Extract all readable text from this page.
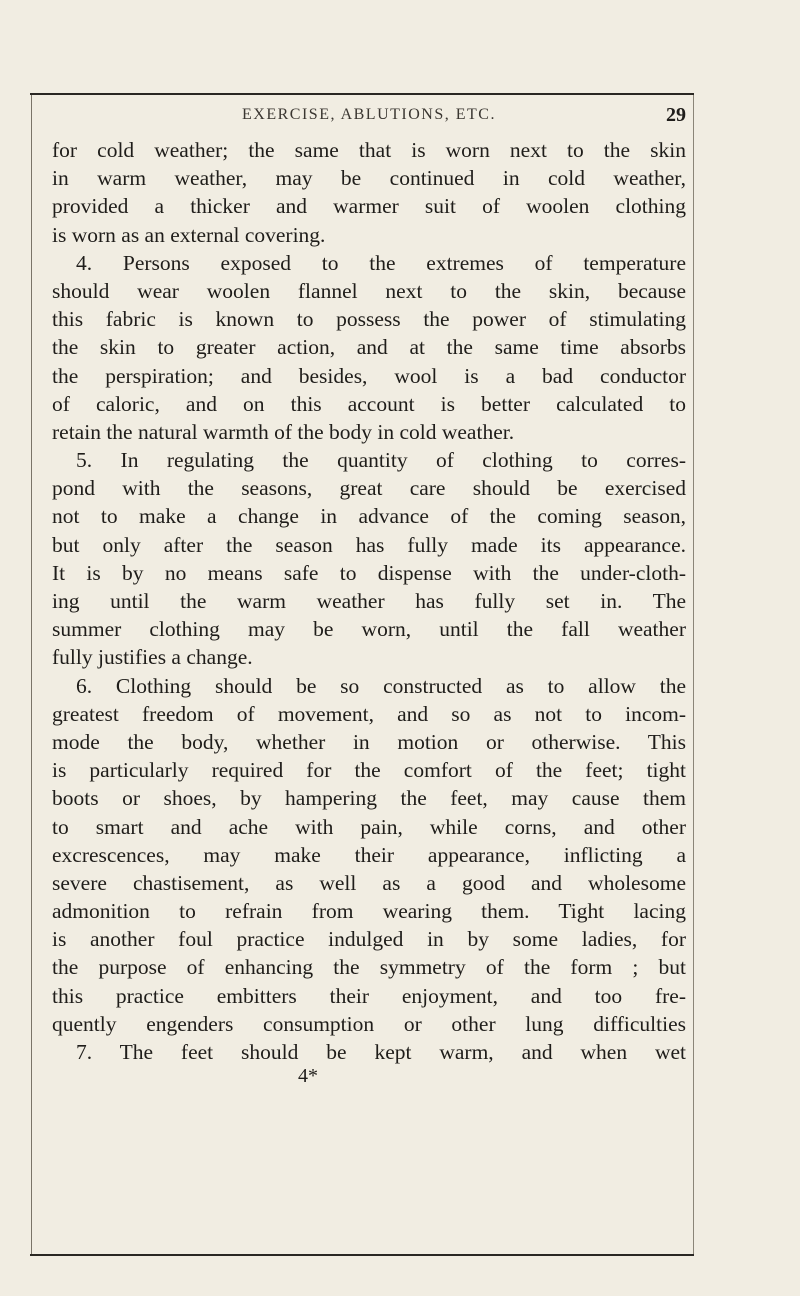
EXERCISE, ABLUTIONS, ETC.	29
for cold weather; the same that is worn next to the skin
in warm weather, may be continued in cold weather,
provided a thicker and warmer suit of woolen clothing
is worn as an external covering.
4. Persons exposed to the extremes of temperature
should wear woolen flannel next to the skin, because
this fabric is known to possess the power of stimulating
the skin to greater action, and at the same time absorbs
the perspiration; and besides, wool is a bad conductor
of caloric, and on this account is better calculated to
retain the natural warmth of the body in cold weather.
5. In regulating the quantity of clothing to corres-
pond with the seasons, great care should be exercised
not to make a change in advance of the coming season,
but only after the season has fully made its appearance.
It is by no means safe to dispense with the under-cloth-
ing until the warm weather has fully set in. The
summer clothing may be worn, until the fall weather
fully justifies a change.
6. Clothing should be so constructed as to allow the
greatest freedom of movement, and so as not to incom-
mode the body, whether in motion or otherwise. This
is particularly required for the comfort of the feet; tight
boots or shoes, by hampering the feet, may cause them
to smart and ache with pain, while corns, and other
excrescences, may make their appearance, inflicting a
severe chastisement, as well as a good and wholesome
admonition to refrain from wearing them. Tight lacing
is another foul practice indulged in by some ladies, for
the purpose of enhancing the symmetry of the form ; but
this practice embitters their enjoyment, and too fre-
quently engenders consumption or other lung difficulties
7. The feet should be kept warm, and when wet
4*
